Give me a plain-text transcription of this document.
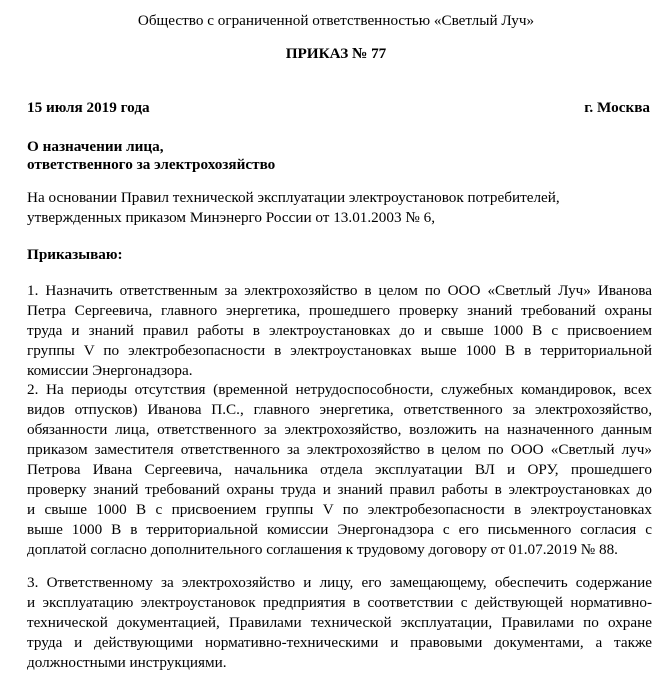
Общество с ограниченной ответственностью «Светлый Луч»
ПРИКАЗ № 77
15 июля 2019 года	г. Москва
О назначении лица,
ответственного за электрохозяйство
На основании Правил технической эксплуатации электроустановок потребителей,
утвержденных приказом Минэнерго России от 13.01.2003 № 6,
Приказываю:
1. Назначить ответственным за электрохозяйство в целом по ООО «Светлый Луч» Иванова
Петра Сергеевича, главного энергетика, прошедшего проверку знаний требований охраны
труда и знаний правил работы в электроустановках до и свыше 1000 В с присвоением
группы V по электробезопасности в электроустановках выше 1000 В в территориальной
комиссии Энергонадзора.
2. На периоды отсутствия (временной нетрудоспособности, служебных командировок, всех
видов отпусков) Иванова П.С., главного энергетика, ответственного за электрохозяйство,
обязанности лица, ответственного за электрохозяйство, возложить на назначенного данным
приказом заместителя ответственного за электрохозяйство в целом по ООО «Светлый луч»
Петрова Ивана Сергеевича, начальника отдела эксплуатации ВЛ и ОРУ, прошедшего
проверку знаний требований охраны труда и знаний правил работы в электроустановках до
и свыше 1000 В с присвоением группы V по электробезопасности в электроустановках
выше 1000 В в территориальной комиссии Энергонадзора с его письменного согласия с
доплатой согласно дополнительного соглашения к трудовому договору от 01.07.2019 № 88.
3. Ответственному за электрохозяйство и лицу, его замещающему, обеспечить содержание
и эксплуатацию электроустановок предприятия в соответствии с действующей нормативно-
технической документацией, Правилами технической эксплуатации, Правилами по охране
труда и действующими нормативно-техническими и правовыми документами, а также
должностными инструкциями.
